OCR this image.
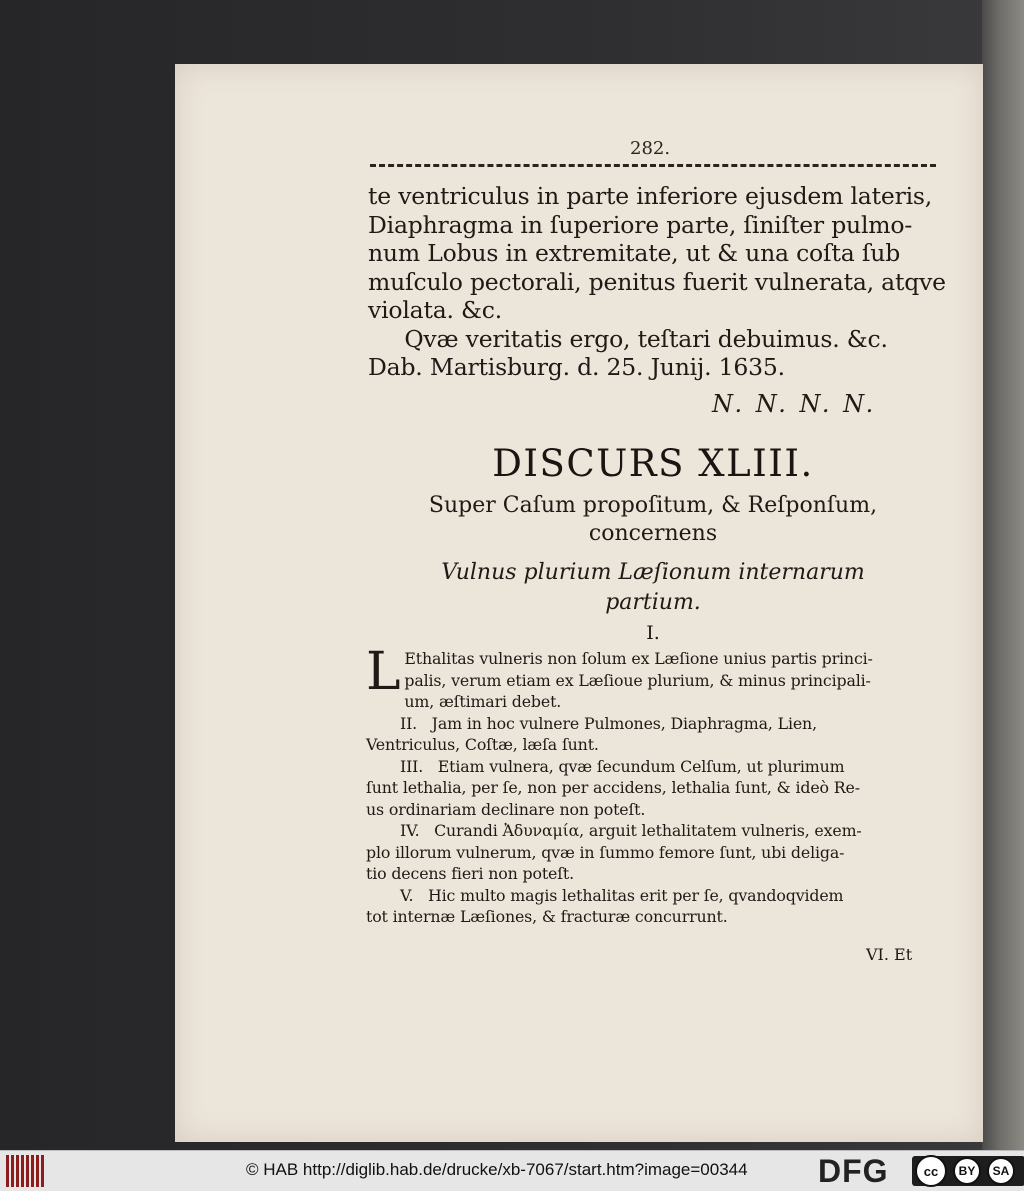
282.
te ventriculus in parte inferiore ejusdem lateris,
Diaphragma in ſuperiore parte, ſiniſter pulmo-
num Lobus in extremitate, ut & una coſta ſub
muſculo pectorali, penitus fuerit vulnerata, atqve
violata. &c.
Qvæ veritatis ergo, teſtari debuimus. &c.
Dab. Martisburg. d. 25. Junij. 1635.
N. N. N. N.
DISCURS XLIII.
Super Caſum propoſitum, & Reſponſum,
concernens
Vulnus plurium Læſionum internarum
partium.
I.
L Ethalitas vulneris non ſolum ex Læſione unius partis princi-
palis, verum etiam ex Læſioue plurium, & minus principali-
um, æſtimari debet.
II.   Jam in hoc vulnere Pulmones, Diaphragma, Lien,
Ventriculus, Coſtæ, læſa ſunt.
III.   Etiam vulnera, qvæ ſecundum Celſum, ut plurimum
ſunt lethalia, per ſe, non per accidens, lethalia ſunt, & ideò Re-
us ordinariam declinare non poteſt.
IV.   Curandi Ἀδυναμία, arguit lethalitatem vulneris, exem-
plo illorum vulnerum, qvæ in ſummo femore ſunt, ubi deliga-
tio decens fieri non poteſt.
V.   Hic multo magis lethalitas erit per ſe, qvandoqvidem
tot internæ Læſiones, & fracturæ concurrunt.
VI. Et
© HAB http://diglib.hab.de/drucke/xb-7067/start.htm?image=00344 DFG	cc	BY	SA
